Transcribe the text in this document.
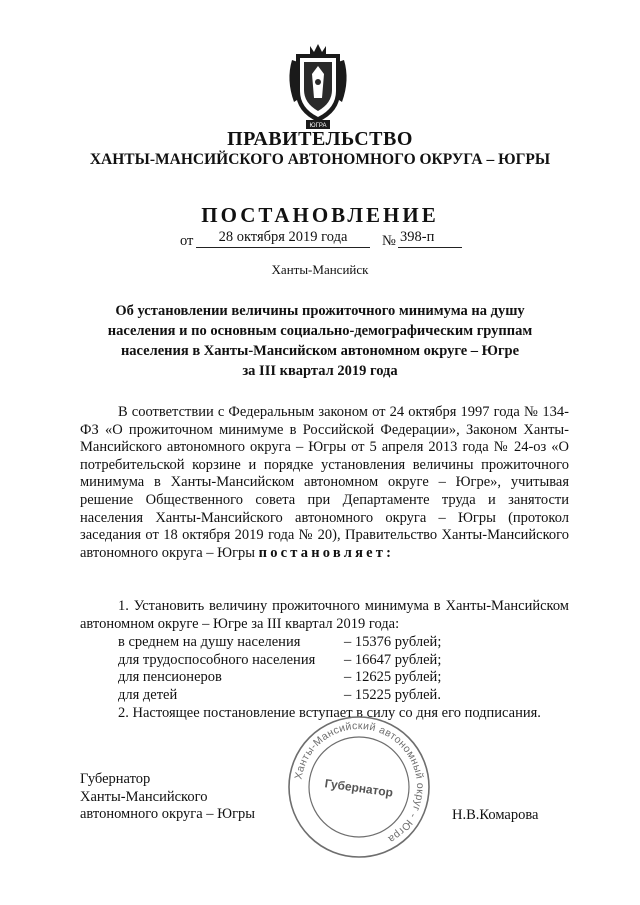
ЮГРА
ПРАВИТЕЛЬСТВО
ХАНТЫ-МАНСИЙСКОГО АВТОНОМНОГО ОКРУГА – ЮГРЫ
ПОСТАНОВЛЕНИЕ
от	28 октября 2019 года	№ 398-п
Ханты-Мансийск
Об установлении величины прожиточного минимума на душу
населения и по основным социально-демографическим группам
населения в Ханты-Мансийском автономном округе – Югре
за III квартал 2019 года
В соответствии с Федеральным законом от 24 октября 1997 года № 134-ФЗ «О прожиточном минимуме в Российской Федерации», Законом Ханты-Мансийского автономного округа – Югры от 5 апреля 2013 года № 24-оз «О потребительской корзине и порядке установления величины прожиточного минимума в Ханты-Мансийском автономном округе – Югре», учитывая решение Общественного совета при Департаменте труда и занятости населения Ханты-Мансийского автономного округа – Югры (протокол заседания от 18 октября 2019 года № 20), Правительство Ханты-Мансийского автономного округа – Югры постановляет:
1. Установить величину прожиточного минимума в Ханты-Мансийском автономном округе – Югре за III квартал 2019 года:
в среднем на душу населения	– 15376 рублей;
для трудоспособного населения – 16647 рублей;
для пенсионеров	– 12625 рублей;
для детей	– 15225 рублей.
2. Настоящее постановление вступает в силу со дня его подписания.
Ханты-Мансийский автономный округ - Югра
Губернатор
Губернатор
Ханты-Мансийского
автономного округа – Югры	Н.В.Комарова
